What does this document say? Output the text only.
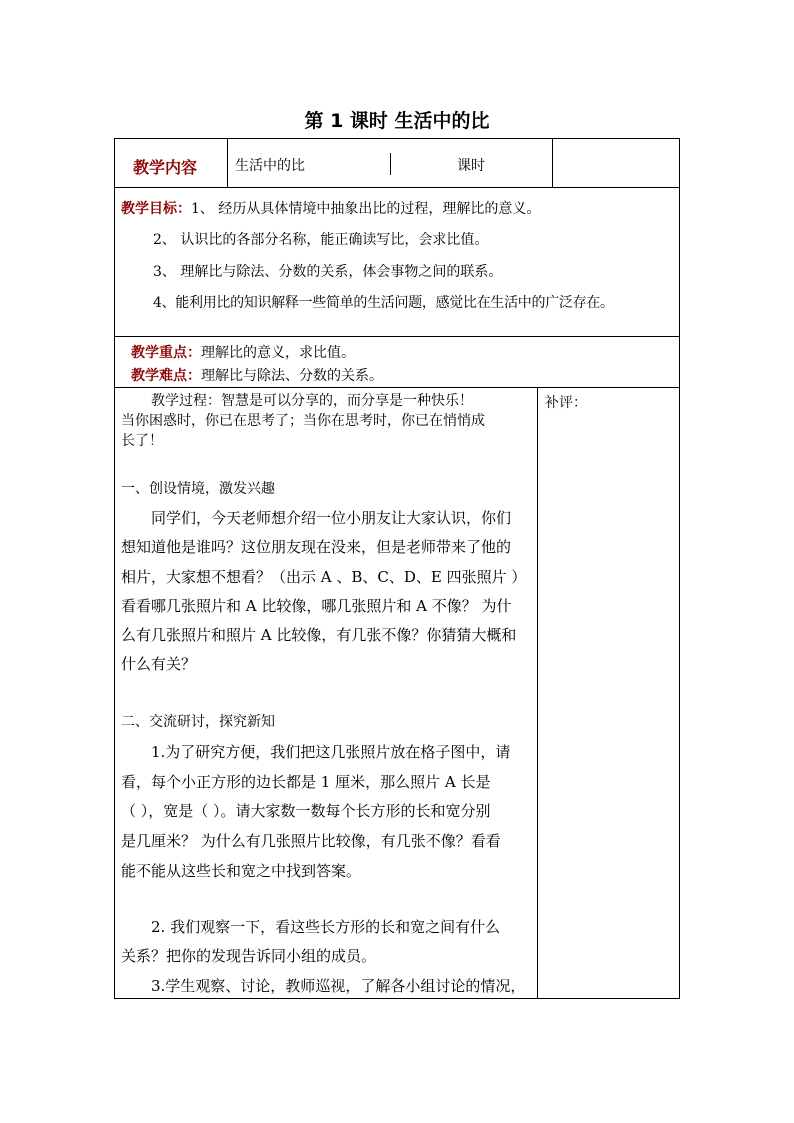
第 1 课时 生活中的比
教学内容	生活中的比	课时
教学目标：1、 经历从具体情境中抽象出比的过程，理解比的意义。
2、 认识比的各部分名称，能正确读写比，会求比值。
3、 理解比与除法、分数的关系，体会事物之间的联系。
4、能利用比的知识解释一些简单的生活问题，感觉比在生活中的广泛存在。
教学重点：理解比的意义，求比值。
教学难点：理解比与除法、分数的关系。
补评：
教学过程：智慧是可以分享的，而分享是一种快乐！
当你困惑时，你已在思考了；当你在思考时，你已在悄悄成
长了！
一、创设情境，激发兴趣
同学们，今天老师想介绍一位小朋友让大家认识，你们
想知道他是谁吗？这位朋友现在没来，但是老师带来了他的
相片，大家想不想看？（出示 A 、B、C、D、E 四张照片 ）
看看哪几张照片和 A 比较像，哪几张照片和 A 不像？ 为什
么有几张照片和照片 A 比较像，有几张不像？你猜猜大概和
什么有关？
二、交流研讨，探究新知
1.为了研究方便，我们把这几张照片放在格子图中，请
看，每个小正方形的边长都是 1 厘米，那么照片 A 长是
（ ），宽是（ ）。请大家数一数每个长方形的长和宽分别
是几厘米？ 为什么有几张照片比较像，有几张不像？看看
能不能从这些长和宽之中找到答案。
2. 我们观察一下，看这些长方形的长和宽之间有什么
关系？把你的发现告诉同小组的成员。
3.学生观察、讨论，教师巡视，了解各小组讨论的情况，
